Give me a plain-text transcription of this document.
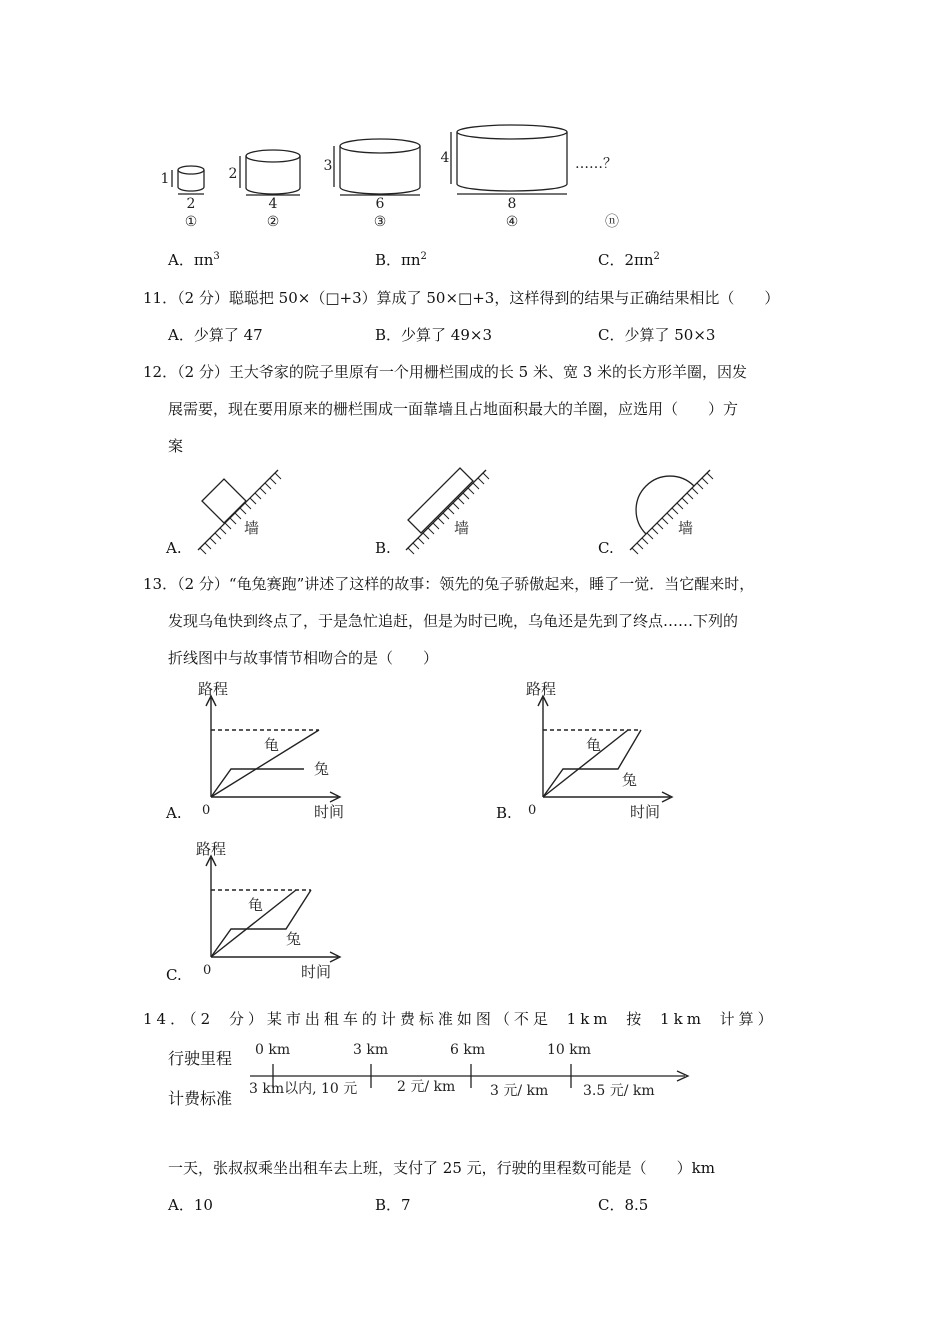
1
2
①
2
4
②
3
6
③
4
8
④
……？
ⓝ
A．$\pi n^3$	B．$\pi n^2$	C．$2\pi n^2$
11．（2 分）聪聪把 50×（□+3）算成了 50×□+3，这样得到的结果与正确结果相比（　　）
A．少算了 47	B．少算了 49×3	C．少算了 50×3
12．（2 分）王大爷家的院子里原有一个用栅栏围成的长 5 米、宽 3 米的长方形羊圈，因发
展需要，现在要用原来的栅栏围成一面靠墙且占地面积最大的羊圈，应选用（　　）方
案
墙
A.
墙
B.
墙
C.
13．（2 分）“龟兔赛跑”讲述了这样的故事：领先的兔子骄傲起来，睡了一觉．当它醒来时，
发现乌龟快到终点了，于是急忙追赶，但是为时已晚，乌龟还是先到了终点……下列的
折线图中与故事情节相吻合的是（　　）
路程
时间
0
龟
兔
A.
路程
时间
0
龟
兔
B.
路程
时间
0
龟
兔
C.
14．（2 分）某市出租车的计费标准如图（不足 1km 按 1km 计算）
行驶里程
计费标准
0 km	3 km	6 km	10 km
3 km以内, 10 元	2 元/ km 3 元/ km 3.5 元/ km
一天，张叔叔乘坐出租车去上班，支付了 25 元，行驶的里程数可能是（　　）km
A．10	B．7	C．8.5
